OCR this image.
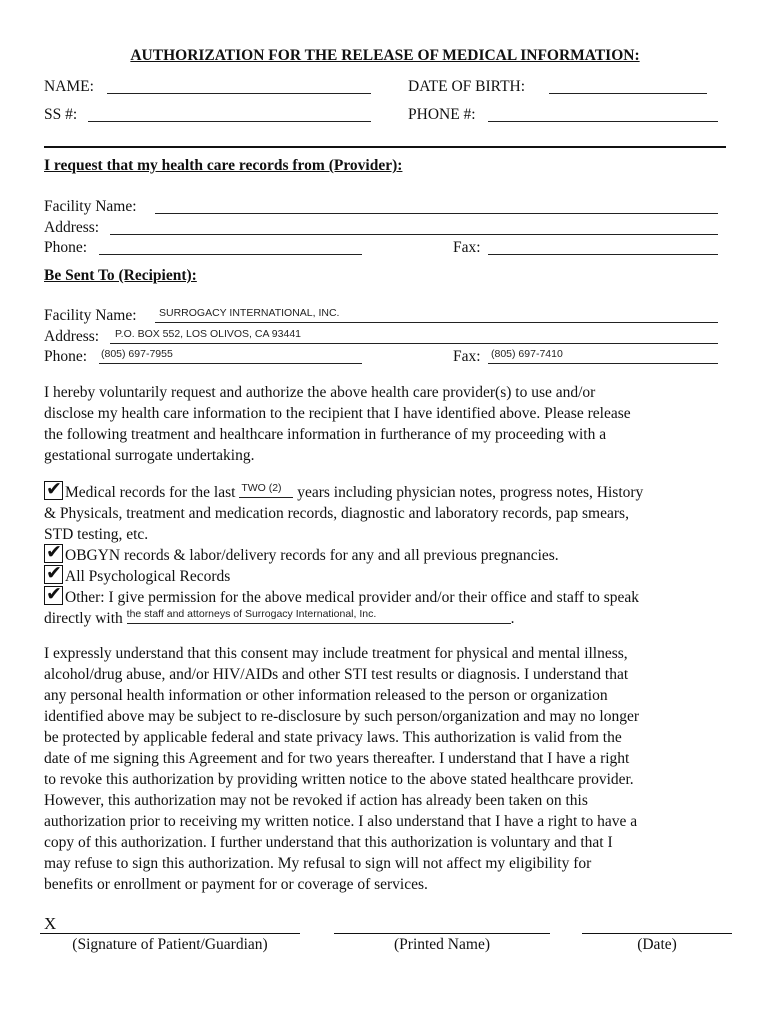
AUTHORIZATION FOR THE RELEASE OF MEDICAL INFORMATION:
NAME:	DATE OF BIRTH:
SS #:	PHONE #:
I request that my health care records from (Provider):
Facility Name:
Address:
Phone:	Fax:
Be Sent To (Recipient):
Facility Name: SURROGACY INTERNATIONAL, INC.
Address: P.O. BOX 552, LOS OLIVOS, CA 93441
Phone: (805) 697-7955	Fax: (805) 697-7410
I hereby voluntarily request and authorize the above health care provider(s) to use and/or
disclose my health care information to the recipient that I have identified above. Please release
the following treatment and healthcare information in furtherance of my proceeding with a
gestational surrogate undertaking.
✔ Medical records for the last TWO (2) years including physician notes, progress notes, History
& Physicals, treatment and medication records, diagnostic and laboratory records, pap smears,
STD testing, etc.
✔ OBGYN records & labor/delivery records for any and all previous pregnancies.
✔ All Psychological Records
✔ Other: I give permission for the above medical provider and/or their office and staff to speak
directly with the staff and attorneys of Surrogacy International, Inc.	.
I expressly understand that this consent may include treatment for physical and mental illness,
alcohol/drug abuse, and/or HIV/AIDs and other STI test results or diagnosis. I understand that
any personal health information or other information released to the person or organization
identified above may be subject to re-disclosure by such person/organization and may no longer
be protected by applicable federal and state privacy laws. This authorization is valid from the
date of me signing this Agreement and for two years thereafter. I understand that I have a right
to revoke this authorization by providing written notice to the above stated healthcare provider.
However, this authorization may not be revoked if action has already been taken on this
authorization prior to receiving my written notice. I also understand that I have a right to have a
copy of this authorization. I further understand that this authorization is voluntary and that I
may refuse to sign this authorization. My refusal to sign will not affect my eligibility for
benefits or enrollment or payment for or coverage of services.
X
(Signature of Patient/Guardian)	(Printed Name)	(Date)
